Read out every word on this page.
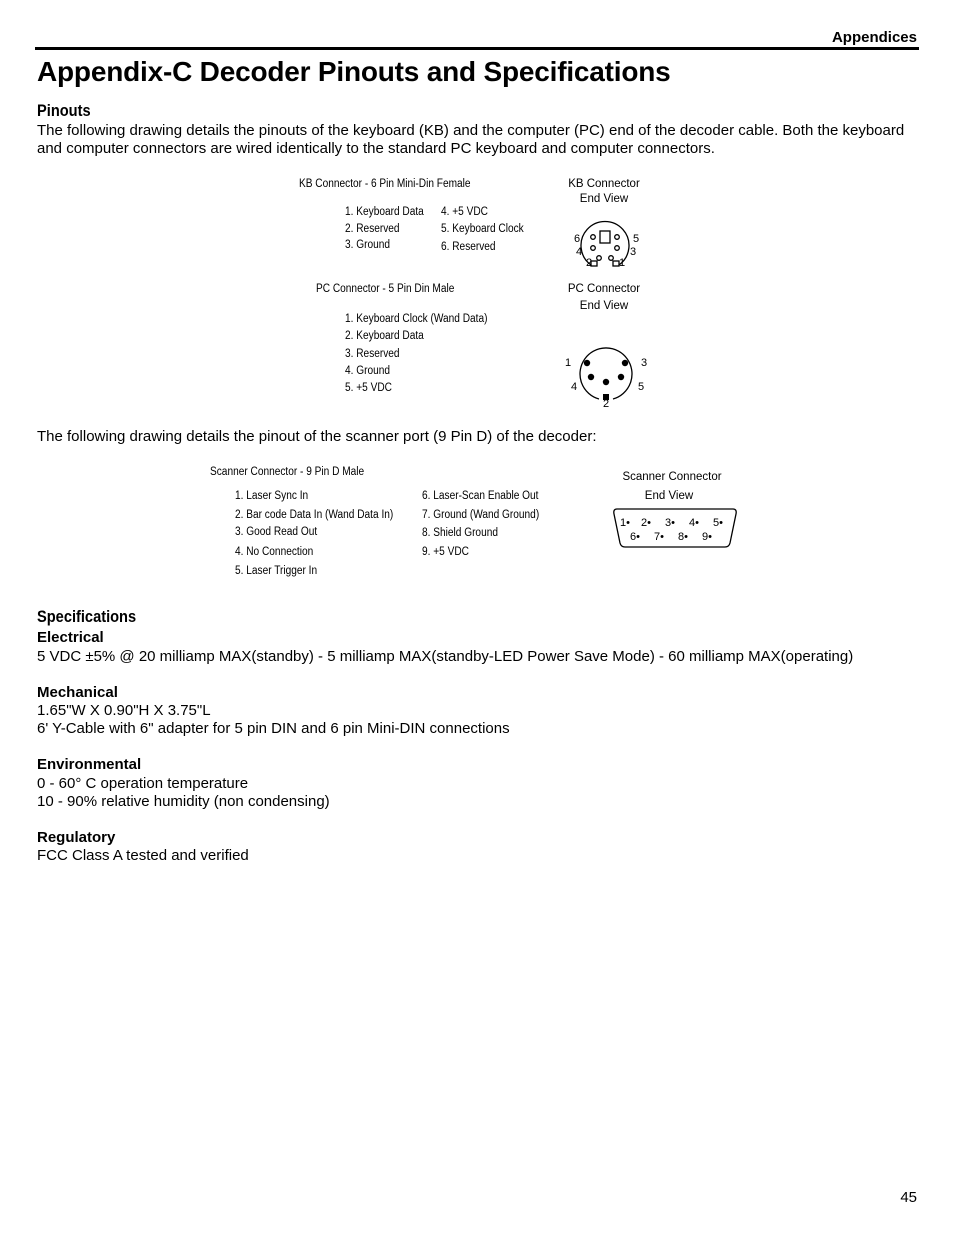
Appendices
Appendix-C Decoder Pinouts and Specifications
Pinouts

The following drawing details the pinouts of the keyboard (KB) and the computer (PC) end of the decoder cable. Both the keyboard and computer connectors are wired identically to the standard PC keyboard and computer connectors.

KB Connector - 6 Pin Mini-Din Female	KB Connector
End View
1. Keyboard Data
2. Reserved
3. Ground
4. +5 VDC
5. Keyboard Clock
6. Reserved
6	5
4	3
2 1
PC Connector - 5 Pin Din Male	PC Connector
End View
1. Keyboard Clock (Wand Data)
2. Keyboard Data
3. Reserved
4. Ground
5. +5 VDC
1	3
4	5
2

The following drawing details the pinout of the scanner port (9 Pin D) of the decoder:

Scanner Connector - 9 Pin D Male	Scanner Connector
End View
1. Laser Sync In
2. Bar code Data In (Wand Data In)
3. Good Read Out
4. No Connection
5. Laser Trigger In
6. Laser-Scan Enable Out
7. Ground (Wand Ground)
8. Shield Ground
9. +5 VDC
1• 2• 3• 4• 5•
6• 7• 8• 9•
Specifications
Electrical
5 VDC ±5% @ 20 milliamp MAX(standby) - 5 milliamp MAX(standby-LED Power Save Mode) - 60 milliamp MAX(operating)
Mechanical
1.65"W X 0.90"H X 3.75"L
6' Y-Cable with 6" adapter for 5 pin DIN and 6 pin Mini-DIN connections
Environmental
0 - 60° C operation temperature
10 - 90% relative humidity (non condensing)
Regulatory
FCC Class A tested and verified
45
